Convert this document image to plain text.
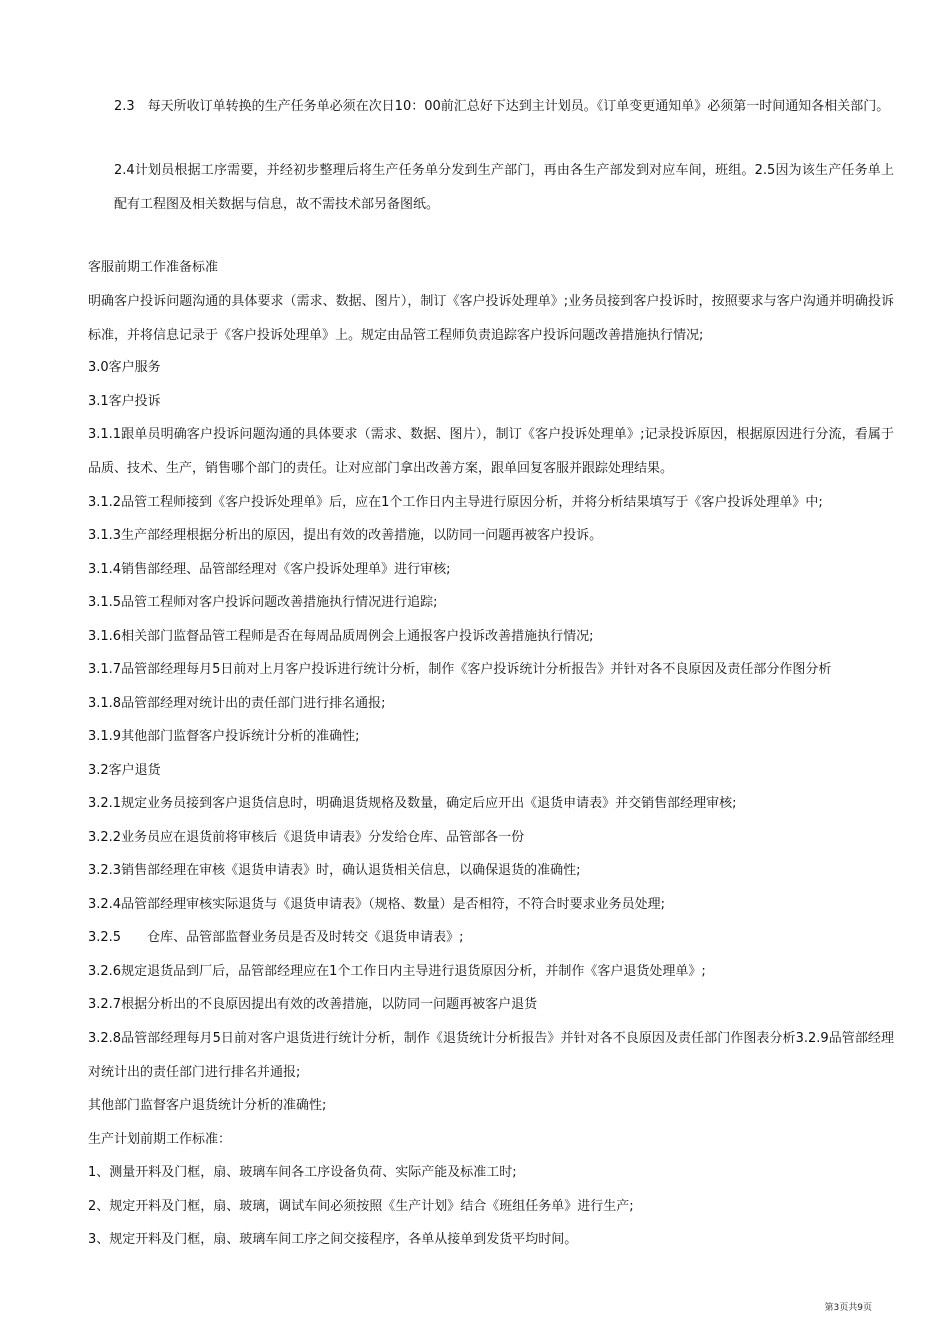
2.3　每天所收订单转换的生产任务单必须在次日10：00前汇总好下达到主计划员。《订单变更通知单》必须第一时间通知各相关部门。

2.4计划员根据工序需要，并经初步整理后将生产任务单分发到生产部门，再由各生产部发到对应车间，班组。2.5因为该生产任务单上配有工程图及相关数据与信息，故不需技术部另备图纸。

客服前期工作准备标准

明确客户投诉问题沟通的具体要求（需求、数据、图片），制订《客户投诉处理单》;业务员接到客户投诉时，按照要求与客户沟通并明确投诉标准，并将信息记录于《客户投诉处理单》上。规定由品管工程师负责追踪客户投诉问题改善措施执行情况;

3.0客户服务

3.1客户投诉

3.1.1跟单员明确客户投诉问题沟通的具体要求（需求、数据、图片），制订《客户投诉处理单》;记录投诉原因，根据原因进行分流，看属于品质、技术、生产，销售哪个部门的责任。让对应部门拿出改善方案，跟单回复客服并跟踪处理结果。

3.1.2品管工程师接到《客户投诉处理单》后，应在1个工作日内主导进行原因分析，并将分析结果填写于《客户投诉处理单》中;

3.1.3生产部经理根据分析出的原因，提出有效的改善措施，以防同一问题再被客户投诉。

3.1.4销售部经理、品管部经理对《客户投诉处理单》进行审核;

3.1.5品管工程师对客户投诉问题改善措施执行情况进行追踪;

3.1.6相关部门监督品管工程师是否在每周品质周例会上通报客户投诉改善措施执行情况;

3.1.7品管部经理每月5日前对上月客户投诉进行统计分析，制作《客户投诉统计分析报告》并针对各不良原因及责任部分作图分析

3.1.8品管部经理对统计出的责任部门进行排名通报;

3.1.9其他部门监督客户投诉统计分析的准确性;

3.2客户退货

3.2.1规定业务员接到客户退货信息时，明确退货规格及数量，确定后应开出《退货申请表》并交销售部经理审核;

3.2.2业务员应在退货前将审核后《退货申请表》分发给仓库、品管部各一份

3.2.3销售部经理在审核《退货申请表》时，确认退货相关信息，以确保退货的准确性;

3.2.4品管部经理审核实际退货与《退货申请表》（规格、数量）是否相符，不符合时要求业务员处理;

3.2.5　　仓库、品管部监督业务员是否及时转交《退货申请表》;

3.2.6规定退货品到厂后，品管部经理应在1个工作日内主导进行退货原因分析，并制作《客户退货处理单》;

3.2.7根据分析出的不良原因提出有效的改善措施，以防同一问题再被客户退货

3.2.8品管部经理每月5日前对客户退货进行统计分析，制作《退货统计分析报告》并针对各不良原因及责任部门作图表分析3.2.9品管部经理对统计出的责任部门进行排名并通报;

其他部门监督客户退货统计分析的准确性;

生产计划前期工作标准：

1、测量开料及门框，扇、玻璃车间各工序设备负荷、实际产能及标准工时;

2、规定开料及门框，扇、玻璃，调试车间必须按照《生产计划》结合《班组任务单》进行生产;

3、规定开料及门框，扇、玻璃车间工序之间交接程序，各单从接单到发货平均时间。

第3页共9页
